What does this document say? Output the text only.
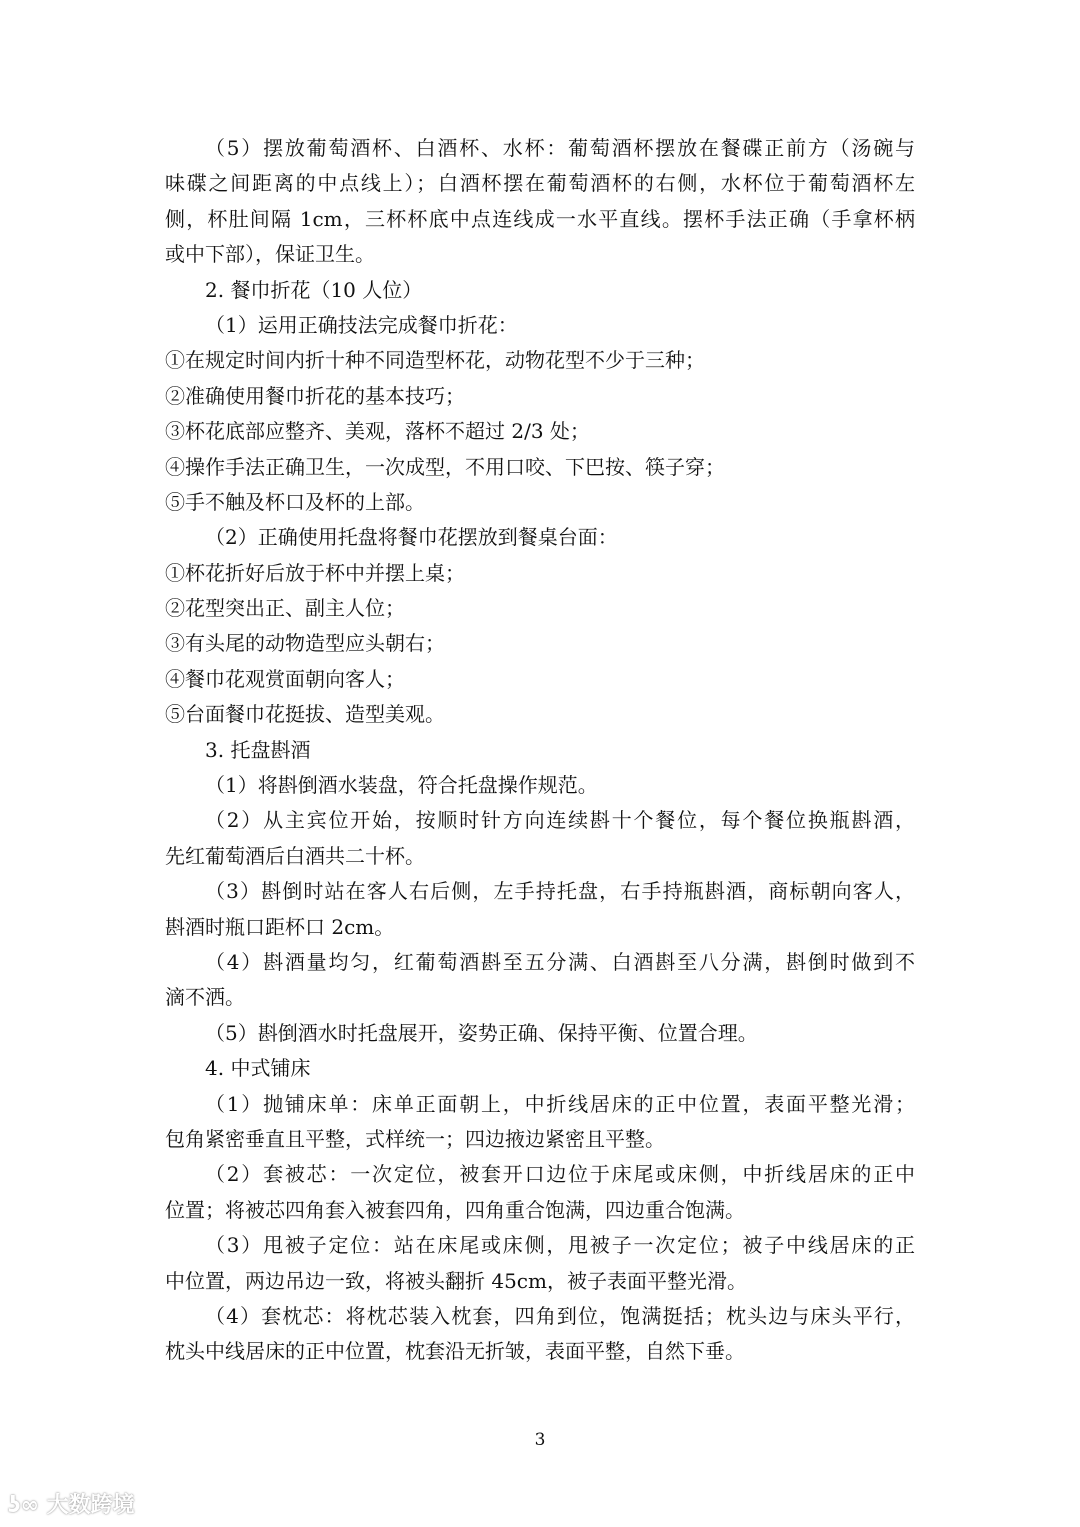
（5）摆放葡萄酒杯、白酒杯、水杯：葡萄酒杯摆放在餐碟正前方（汤碗与
味碟之间距离的中点线上）；白酒杯摆在葡萄酒杯的右侧，水杯位于葡萄酒杯左
侧，杯肚间隔 1cm，三杯杯底中点连线成一水平直线。摆杯手法正确（手拿杯柄
或中下部），保证卫生。
2. 餐巾折花（10 人位）
（1）运用正确技法完成餐巾折花：
①在规定时间内折十种不同造型杯花，动物花型不少于三种；
②准确使用餐巾折花的基本技巧；
③杯花底部应整齐、美观，落杯不超过 2/3 处；
④操作手法正确卫生，一次成型，不用口咬、下巴按、筷子穿；
⑤手不触及杯口及杯的上部。
（2）正确使用托盘将餐巾花摆放到餐桌台面：
①杯花折好后放于杯中并摆上桌；
②花型突出正、副主人位；
③有头尾的动物造型应头朝右；
④餐巾花观赏面朝向客人；
⑤台面餐巾花挺拔、造型美观。
3. 托盘斟酒
（1）将斟倒酒水装盘，符合托盘操作规范。
（2）从主宾位开始，按顺时针方向连续斟十个餐位，每个餐位换瓶斟酒，
先红葡萄酒后白酒共二十杯。
（3）斟倒时站在客人右后侧，左手持托盘，右手持瓶斟酒，商标朝向客人，
斟酒时瓶口距杯口 2cm。
（4）斟酒量均匀，红葡萄酒斟至五分满、白酒斟至八分满，斟倒时做到不
滴不洒。
（5）斟倒酒水时托盘展开，姿势正确、保持平衡、位置合理。
4. 中式铺床
（1）抛铺床单：床单正面朝上，中折线居床的正中位置，表面平整光滑；
包角紧密垂直且平整，式样统一；四边掖边紧密且平整。
（2）套被芯：一次定位，被套开口边位于床尾或床侧，中折线居床的正中
位置；将被芯四角套入被套四角，四角重合饱满，四边重合饱满。
（3）甩被子定位：站在床尾或床侧，甩被子一次定位；被子中线居床的正
中位置，两边吊边一致，将被头翻折 45cm，被子表面平整光滑。
（4）套枕芯：将枕芯装入枕套，四角到位，饱满挺括；枕头边与床头平行，
枕头中线居床的正中位置，枕套沿无折皱，表面平整，自然下垂。
3
ʖ∞ 大数跨境
